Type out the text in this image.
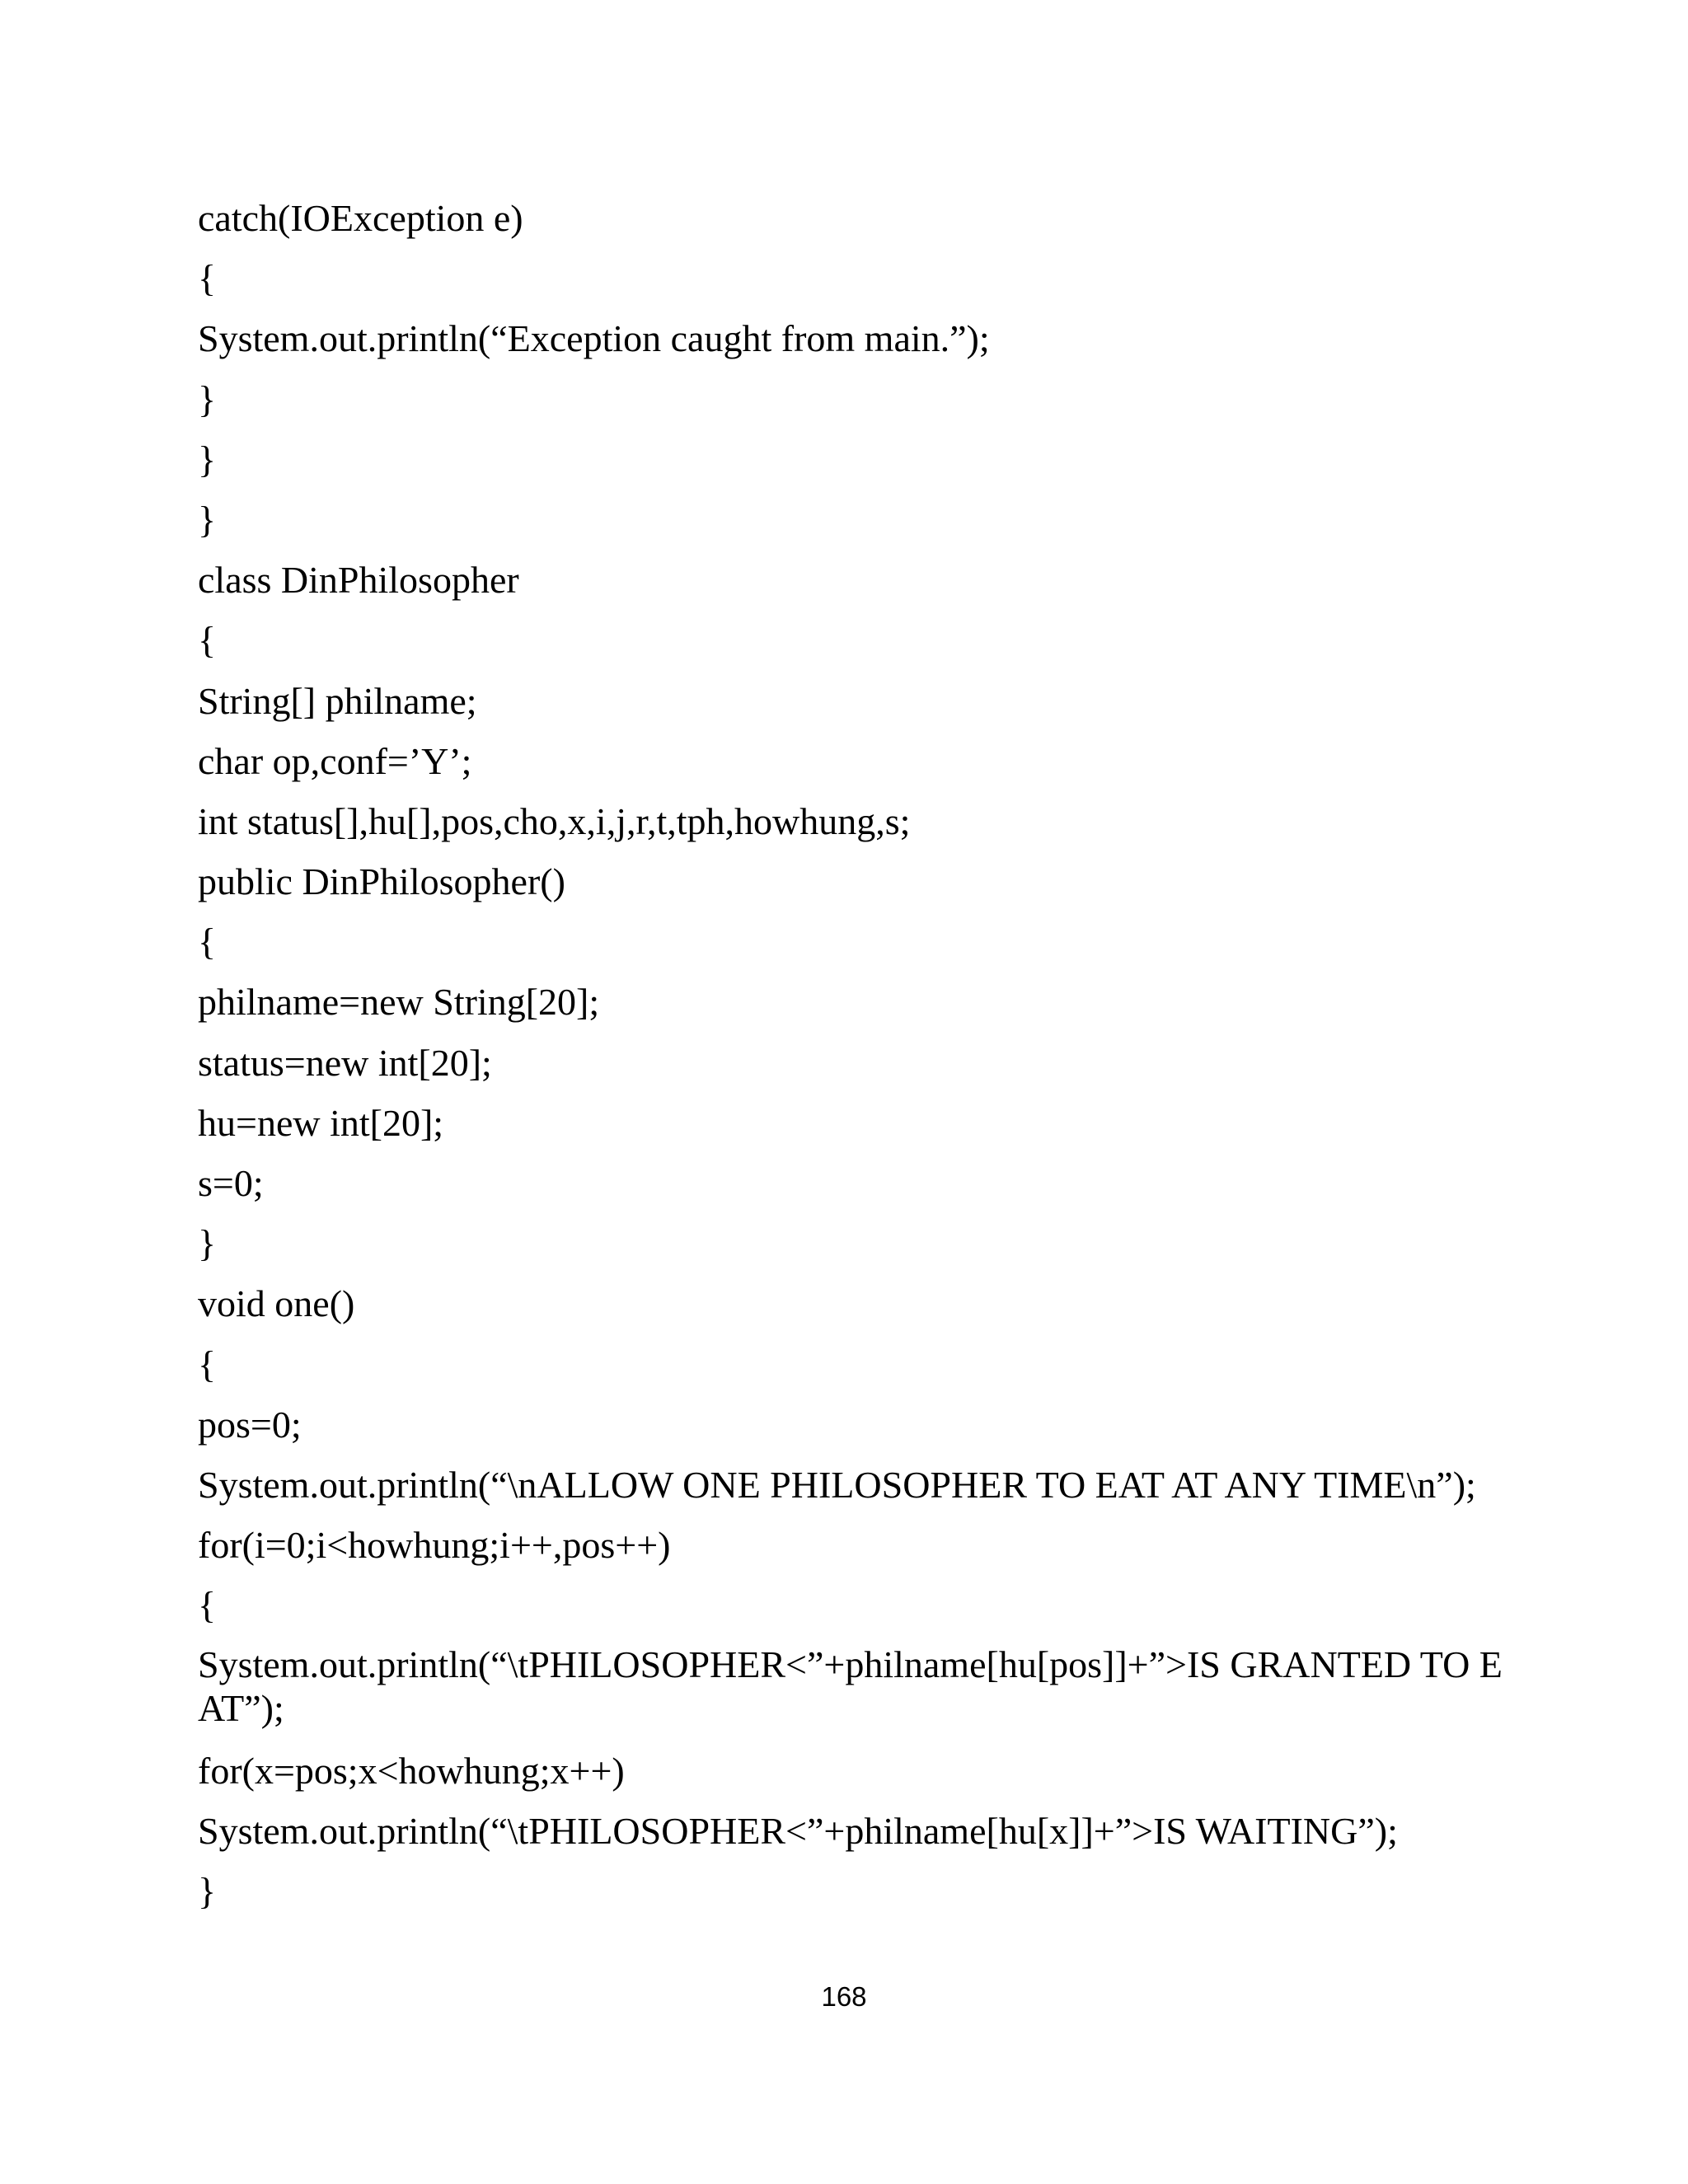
catch(IOException e)
{
System.out.println(“Exception caught from main.”);
}
}
}
class DinPhilosopher
{
String[] philname;
char op,conf=’Y’;
int status[],hu[],pos,cho,x,i,j,r,t,tph,howhung,s;
public DinPhilosopher()
{
philname=new String[20];
status=new int[20];
hu=new int[20];
s=0;
}
void one()
{
pos=0;
System.out.println(“\nALLOW ONE PHILOSOPHER TO EAT AT ANY TIME\n”);
for(i=0;i<howhung;i++,pos++)
{
System.out.println(“\tPHILOSOPHER<”+philname[hu[pos]]+”>IS GRANTED TO EAT”);
for(x=pos;x<howhung;x++)
System.out.println(“\tPHILOSOPHER<”+philname[hu[x]]+”>IS WAITING”);
}
168
